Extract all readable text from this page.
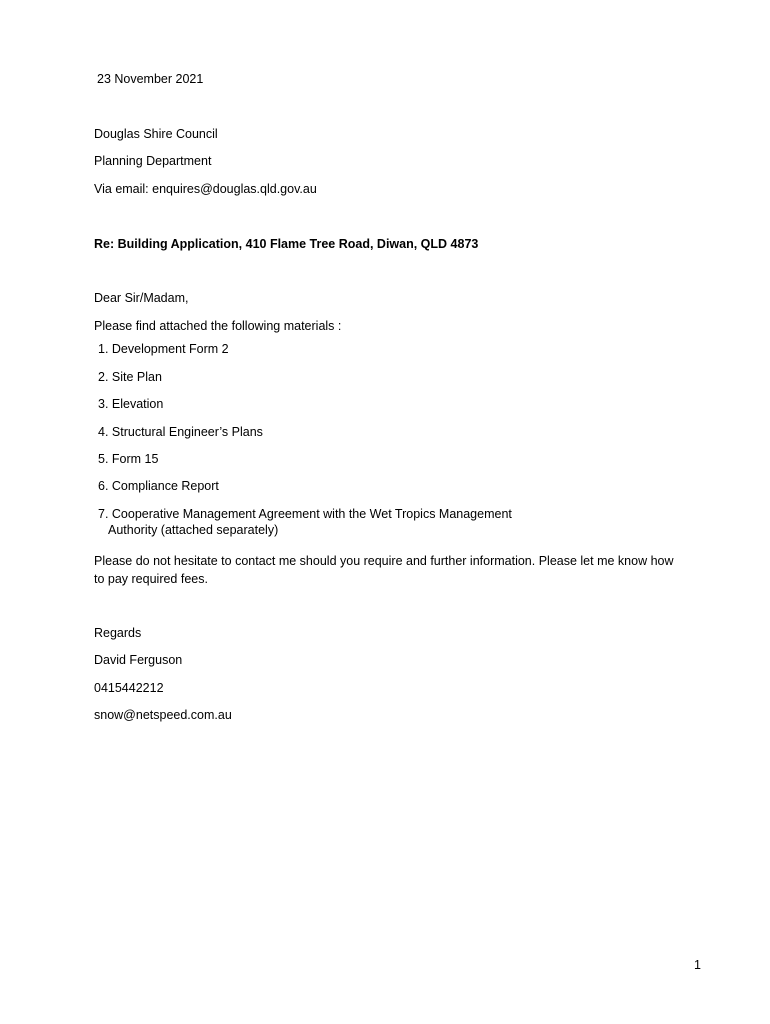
23 November 2021
Douglas Shire Council
Planning Department
Via email: enquires@douglas.qld.gov.au
Re: Building Application, 410 Flame Tree Road, Diwan, QLD 4873
Dear Sir/Madam,
Please find attached the following materials :
1. Development Form 2
2. Site Plan
3. Elevation
4. Structural Engineer’s Plans
5. Form 15
6. Compliance Report
7. Cooperative Management Agreement with the Wet Tropics Management
Authority (attached separately)
Please do not hesitate to contact me should you require and further information. Please let me know how to pay required fees.
Regards
David Ferguson
0415442212
snow@netspeed.com.au
1
